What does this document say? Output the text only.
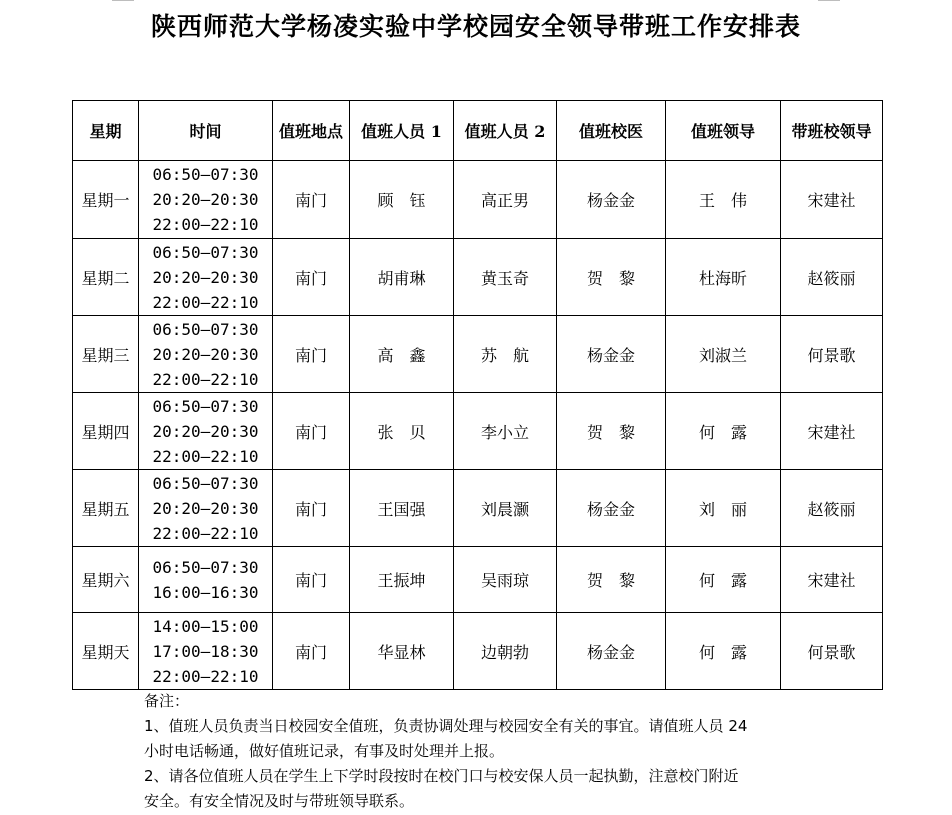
陕西师范大学杨凌实验中学校园安全领导带班工作安排表
星期	时间	值班地点	值班人员 1	值班人员 2	值班校医	值班领导	带班校领导
星期一	06:50—07:30
20:20—20:30
22:00—22:10	南门	顾　钰	高正男	杨金金	王　伟	宋建社
星期二	06:50—07:30
20:20—20:30
22:00—22:10	南门	胡甫琳	黄玉奇	贺　黎	杜海昕	赵筱丽
星期三	06:50—07:30
20:20—20:30
22:00—22:10	南门	高　鑫	苏　航	杨金金	刘淑兰	何景歌
星期四	06:50—07:30
20:20—20:30
22:00—22:10	南门	张　贝	李小立	贺　黎	何　露	宋建社
星期五	06:50—07:30
20:20—20:30
22:00—22:10	南门	王国强	刘晨灏	杨金金	刘　丽	赵筱丽
星期六	06:50—07:30
16:00—16:30	南门	王振坤	吴雨琼	贺　黎	何　露	宋建社
星期天	14:00—15:00
17:00—18:30
22:00—22:10	南门	华显林	边朝勃	杨金金	何　露	何景歌

备注：

1、值班人员负责当日校园安全值班，负责协调处理与校园安全有关的事宜。请值班人员 24

小时电话畅通，做好值班记录，有事及时处理并上报。

2、请各位值班人员在学生上下学时段按时在校门口与校安保人员一起执勤，注意校门附近

安全。有安全情况及时与带班领导联系。
